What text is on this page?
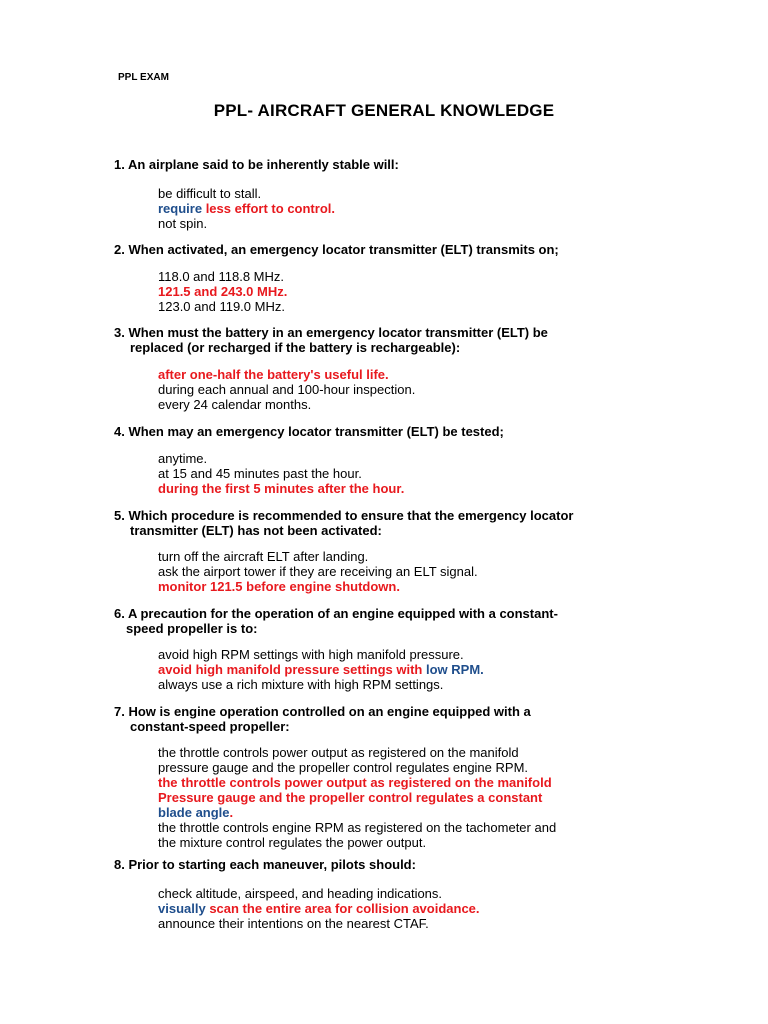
PPL EXAM
PPL- AIRCRAFT GENERAL KNOWLEDGE
1. An airplane said to be inherently stable will:
be difficult to stall.
require less effort to control.
not spin.
2. When activated, an emergency locator transmitter (ELT) transmits on;
118.0 and 118.8 MHz.
121.5 and 243.0 MHz.
123.0 and 119.0 MHz.
3. When must the battery in an emergency locator transmitter (ELT) be
replaced (or recharged if the battery is rechargeable):
after one-half the battery's useful life.
during each annual and 100-hour inspection.
every 24 calendar months.
4. When may an emergency locator transmitter (ELT) be tested;
anytime.
at 15 and 45 minutes past the hour.
during the first 5 minutes after the hour.
5. Which procedure is recommended to ensure that the emergency locator
transmitter (ELT) has not been activated:
turn off the aircraft ELT after landing.
ask the airport tower if they are receiving an ELT signal.
monitor 121.5 before engine shutdown.
6. A precaution for the operation of an engine equipped with a constant-
speed propeller is to:
avoid high RPM settings with high manifold pressure.
avoid high manifold pressure settings with low RPM.
always use a rich mixture with high RPM settings.
7. How is engine operation controlled on an engine equipped with a
constant-speed propeller:
the throttle controls power output as registered on the manifold
pressure gauge and the propeller control regulates engine RPM.
the throttle controls power output as registered on the manifold
Pressure gauge and the propeller control regulates a constant
blade angle.
the throttle controls engine RPM as registered on the tachometer and
the mixture control regulates the power output.
8. Prior to starting each maneuver, pilots should:
check altitude, airspeed, and heading indications.
visually scan the entire area for collision avoidance.
announce their intentions on the nearest CTAF.
